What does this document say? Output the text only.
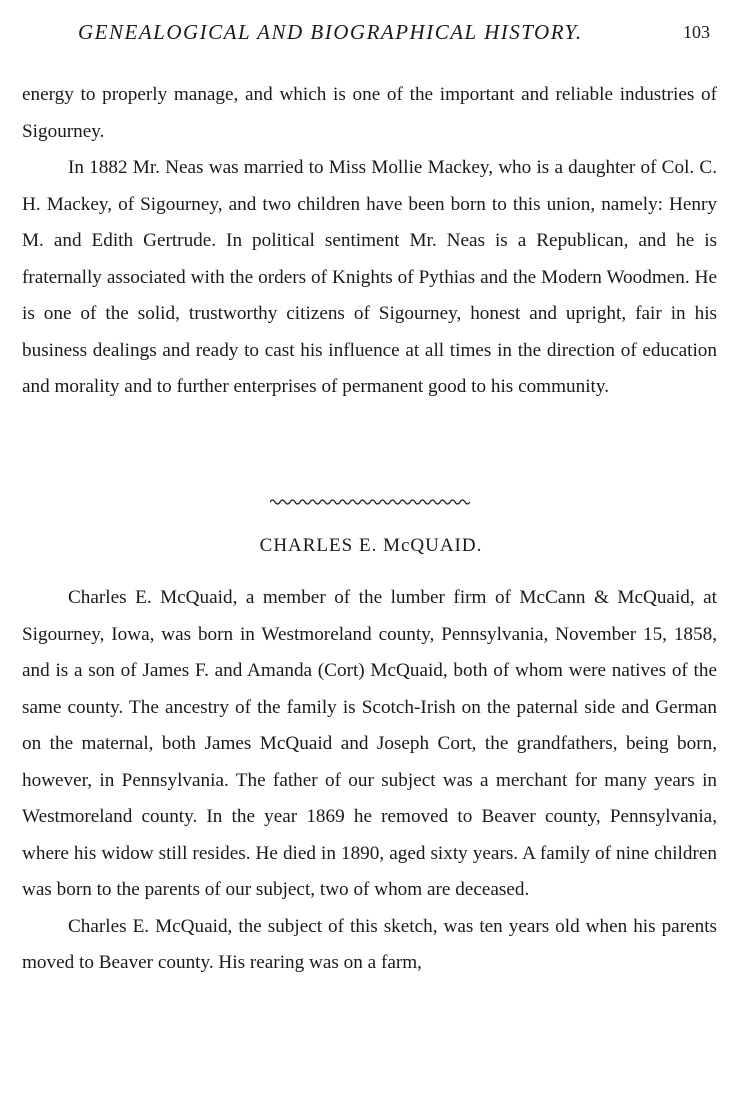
GENEALOGICAL AND BIOGRAPHICAL HISTORY.	103

energy to properly manage, and which is one of the important and reliable industries of Sigourney.

In 1882 Mr. Neas was married to Miss Mollie Mackey, who is a daughter of Col. C. H. Mackey, of Sigourney, and two children have been born to this union, namely: Henry M. and Edith Gertrude. In political sentiment Mr. Neas is a Republican, and he is fraternally associated with the orders of Knights of Pythias and the Modern Woodmen. He is one of the solid, trustworthy citizens of Sigourney, honest and upright, fair in his business dealings and ready to cast his influence at all times in the direction of education and morality and to further enterprises of permanent good to his community.

CHARLES E. McQUAID.

Charles E. McQuaid, a member of the lumber firm of McCann & McQuaid, at Sigourney, Iowa, was born in Westmoreland county, Pennsylvania, November 15, 1858, and is a son of James F. and Amanda (Cort) McQuaid, both of whom were natives of the same county. The ancestry of the family is Scotch-Irish on the paternal side and German on the maternal, both James McQuaid and Joseph Cort, the grandfathers, being born, however, in Pennsylvania. The father of our subject was a merchant for many years in Westmoreland county. In the year 1869 he removed to Beaver county, Pennsylvania, where his widow still resides. He died in 1890, aged sixty years. A family of nine children was born to the parents of our subject, two of whom are deceased.

Charles E. McQuaid, the subject of this sketch, was ten years old when his parents moved to Beaver county. His rearing was on a farm,
